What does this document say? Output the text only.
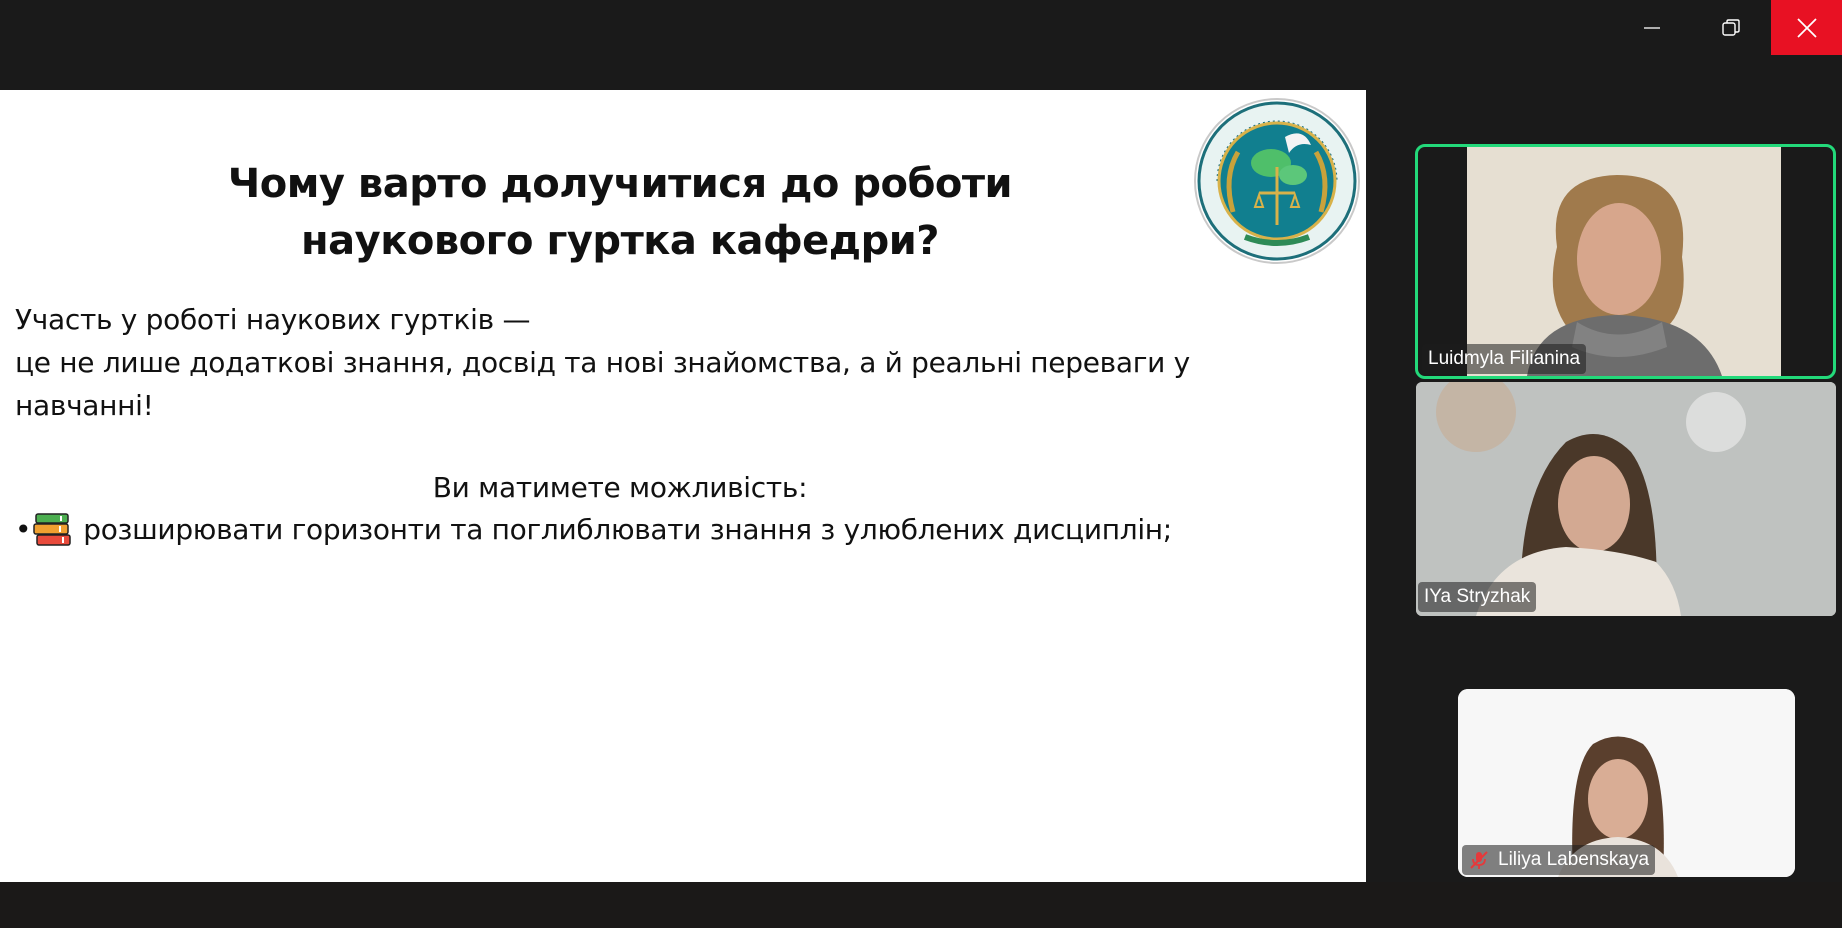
Чому варто долучитися до роботи
наукового гуртка кафедри?
Участь у роботі наукових гуртків —
це не лише додаткові знання, досвід та нові знайомства, а й реальні переваги у
навчанні!
Ви матимете можливість:
• розширювати горизонти та поглиблювати знання з улюблених дисциплін;
Luidmyla Filianina
IYa Stryzhak
Liliya Labenskaya
